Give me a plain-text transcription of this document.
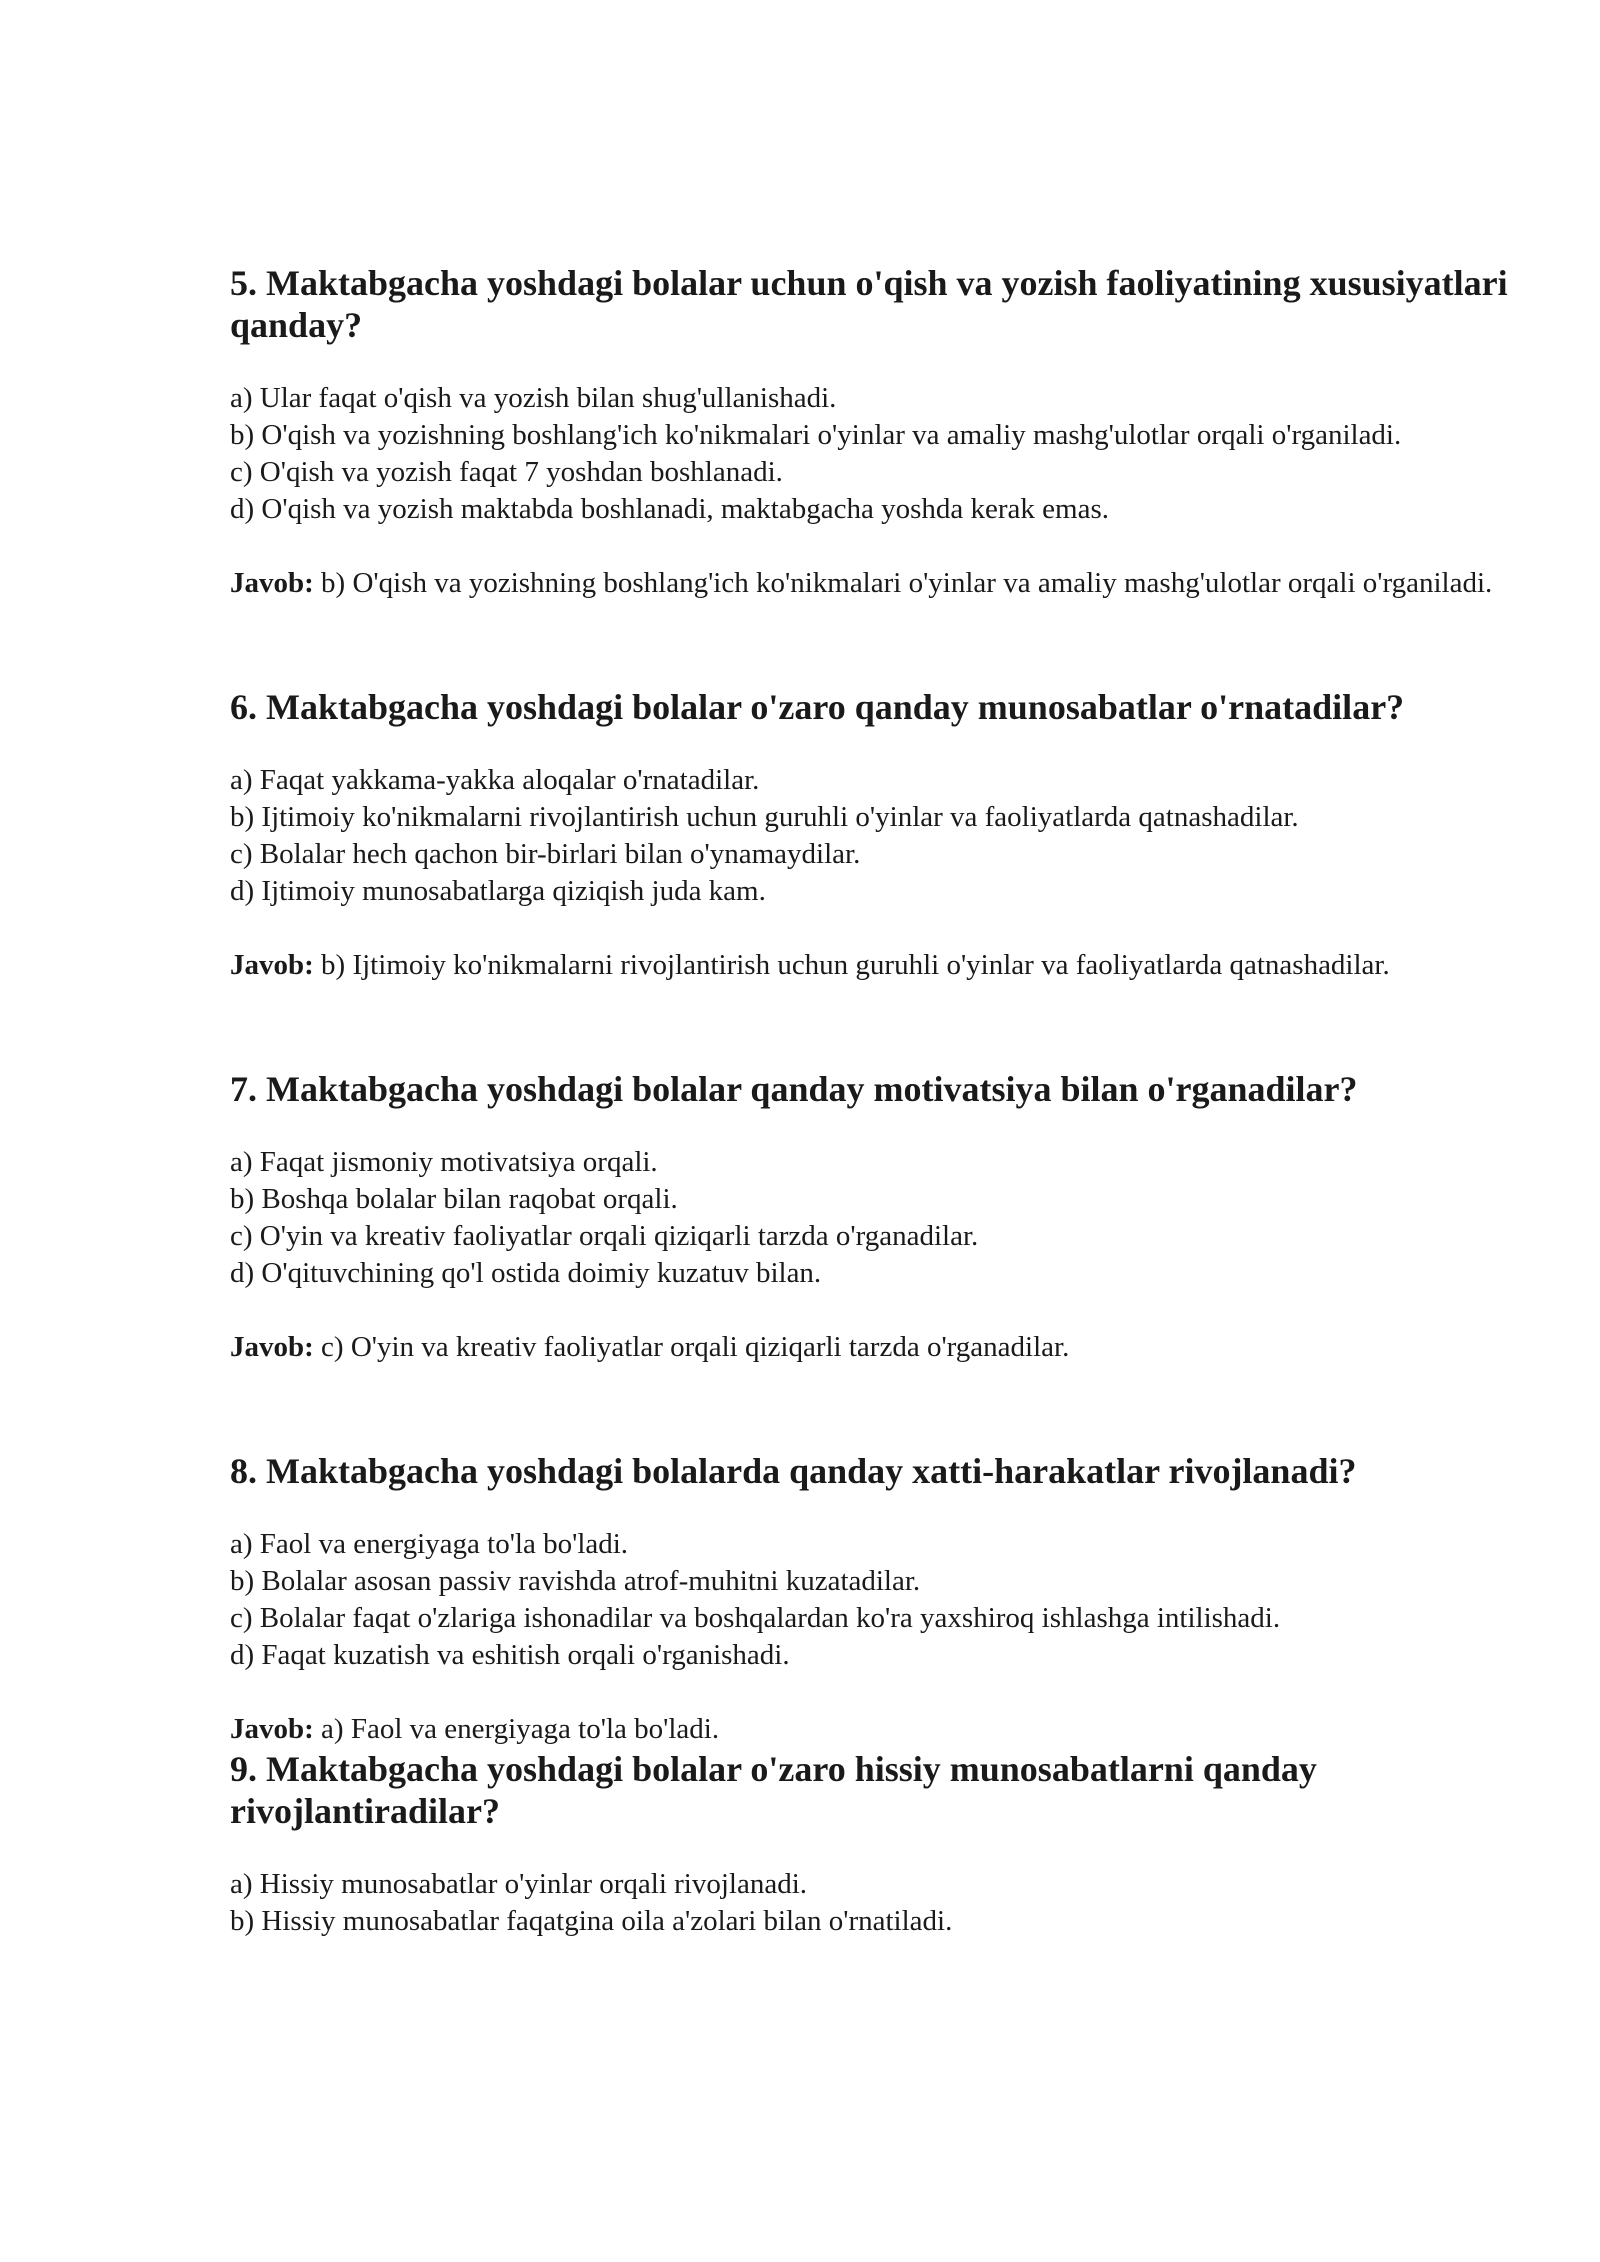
5. Maktabgacha yoshdagi bolalar uchun o'qish va yozish faoliyatining xususiyatlari qanday?
a) Ular faqat o'qish va yozish bilan shug'ullanishadi.
b) O'qish va yozishning boshlang'ich ko'nikmalari o'yinlar va amaliy mashg'ulotlar orqali o'rganiladi.
c) O'qish va yozish faqat 7 yoshdan boshlanadi.
d) O'qish va yozish maktabda boshlanadi, maktabgacha yoshda kerak emas.

Javob: b) O'qish va yozishning boshlang'ich ko'nikmalari o'yinlar va amaliy mashg'ulotlar orqali o'rganiladi.

6. Maktabgacha yoshdagi bolalar o'zaro qanday munosabatlar o'rnatadilar?
a) Faqat yakkama-yakka aloqalar o'rnatadilar.
b) Ijtimoiy ko'nikmalarni rivojlantirish uchun guruhli o'yinlar va faoliyatlarda qatnashadilar.
c) Bolalar hech qachon bir-birlari bilan o'ynamaydilar.
d) Ijtimoiy munosabatlarga qiziqish juda kam.

Javob: b) Ijtimoiy ko'nikmalarni rivojlantirish uchun guruhli o'yinlar va faoliyatlarda qatnashadilar.

7. Maktabgacha yoshdagi bolalar qanday motivatsiya bilan o'rganadilar?
a) Faqat jismoniy motivatsiya orqali.
b) Boshqa bolalar bilan raqobat orqali.
c) O'yin va kreativ faoliyatlar orqali qiziqarli tarzda o'rganadilar.
d) O'qituvchining qo'l ostida doimiy kuzatuv bilan.

Javob: c) O'yin va kreativ faoliyatlar orqali qiziqarli tarzda o'rganadilar.

8. Maktabgacha yoshdagi bolalarda qanday xatti-harakatlar rivojlanadi?
a) Faol va energiyaga to'la bo'ladi.
b) Bolalar asosan passiv ravishda atrof-muhitni kuzatadilar.
c) Bolalar faqat o'zlariga ishonadilar va boshqalardan ko'ra yaxshiroq ishlashga intilishadi.
d) Faqat kuzatish va eshitish orqali o'rganishadi.

Javob: a) Faol va energiyaga to'la bo'ladi.

9. Maktabgacha yoshdagi bolalar o'zaro hissiy munosabatlarni qanday rivojlantiradilar?
a) Hissiy munosabatlar o'yinlar orqali rivojlanadi.
b) Hissiy munosabatlar faqatgina oila a'zolari bilan o'rnatiladi.
